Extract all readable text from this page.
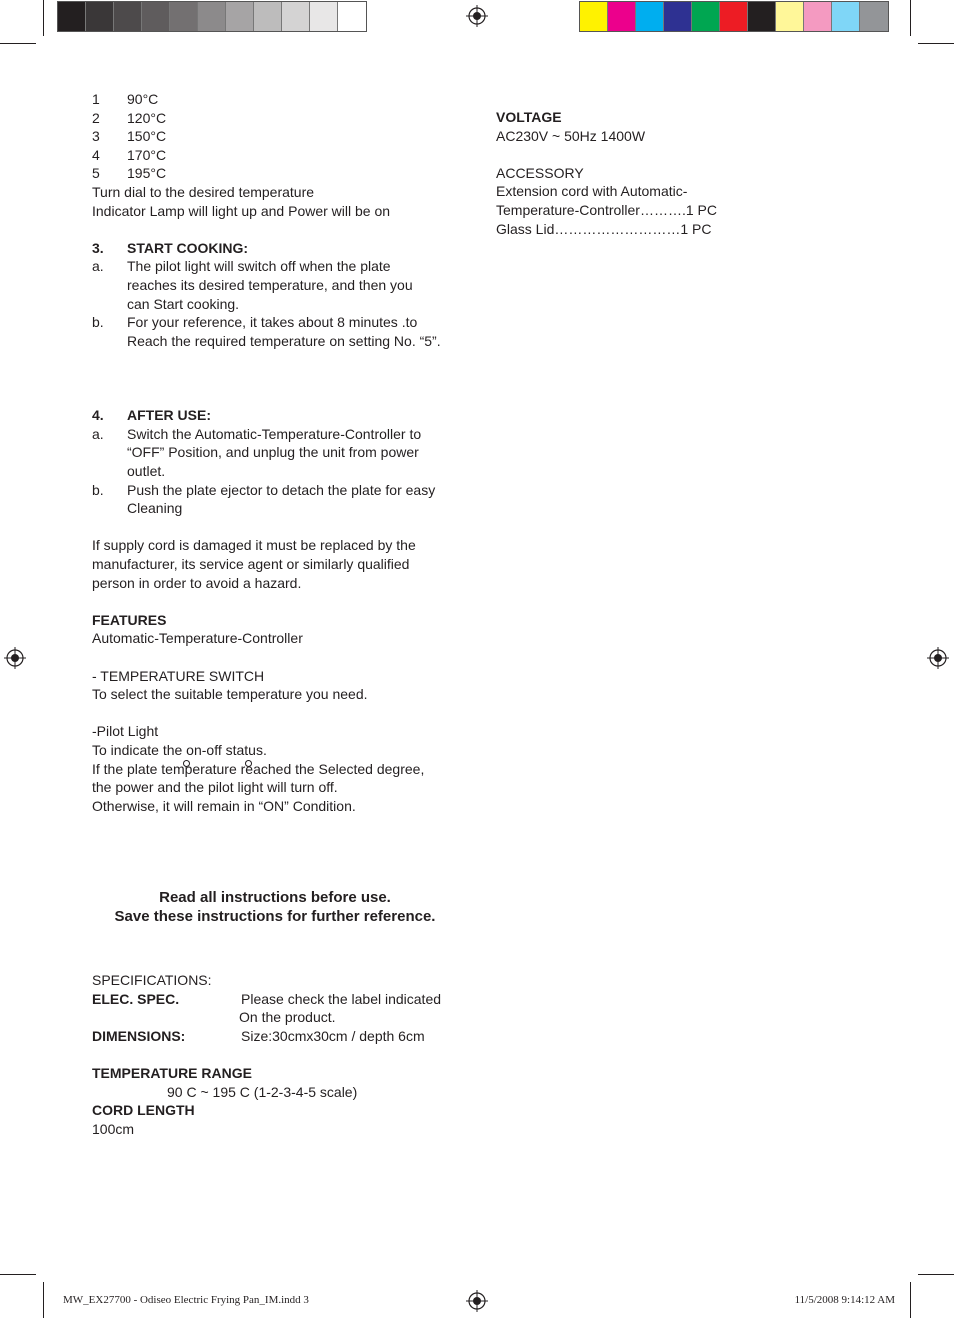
1 90°C
2 120°C
3 150°C
4 170°C
5 195°C
Turn dial to the desired temperature
Indicator Lamp will light up and Power will be on
3. START COOKING:
a. The pilot light will switch off when the plate
reaches its desired temperature, and then you
can Start cooking.
b. For your reference, it takes about 8 minutes .to
Reach the required temperature on setting No. “5”.
4. AFTER USE:
a. Switch the Automatic-Temperature-Controller to
“OFF” Position, and unplug the unit from power
outlet.
b. Push the plate ejector to detach the plate for easy
Cleaning
If supply cord is damaged it must be replaced by the
manufacturer, its service agent or similarly qualified
person in order to avoid a hazard.
FEATURES
Automatic-Temperature-Controller
- TEMPERATURE SWITCH
To select the suitable temperature you need.
-Pilot Light
To indicate the on-off status.
If the plate temperature reached the Selected degree,
the power and the pilot light will turn off.
Otherwise, it will remain in “ON” Condition.
SPECIFICATIONS:
ELEC. SPEC.	Please check the label indicated
On the product.
DIMENSIONS:	Size:30cmx30cm / depth 6cm
TEMPERATURE RANGE
90 C ~ 195 C (1-2-3-4-5 scale)
CORD LENGTH
100cm
Read all instructions before use.
Save these instructions for further reference.
VOLTAGE
AC230V ~ 50Hz 1400W
ACCESSORY
Extension cord with Automatic-
Temperature-Controller……….1 PC
Glass Lid………………………1 PC
MW_EX27700 - Odiseo Electric Frying Pan_IM.indd 3	11/5/2008 9:14:12 AM
